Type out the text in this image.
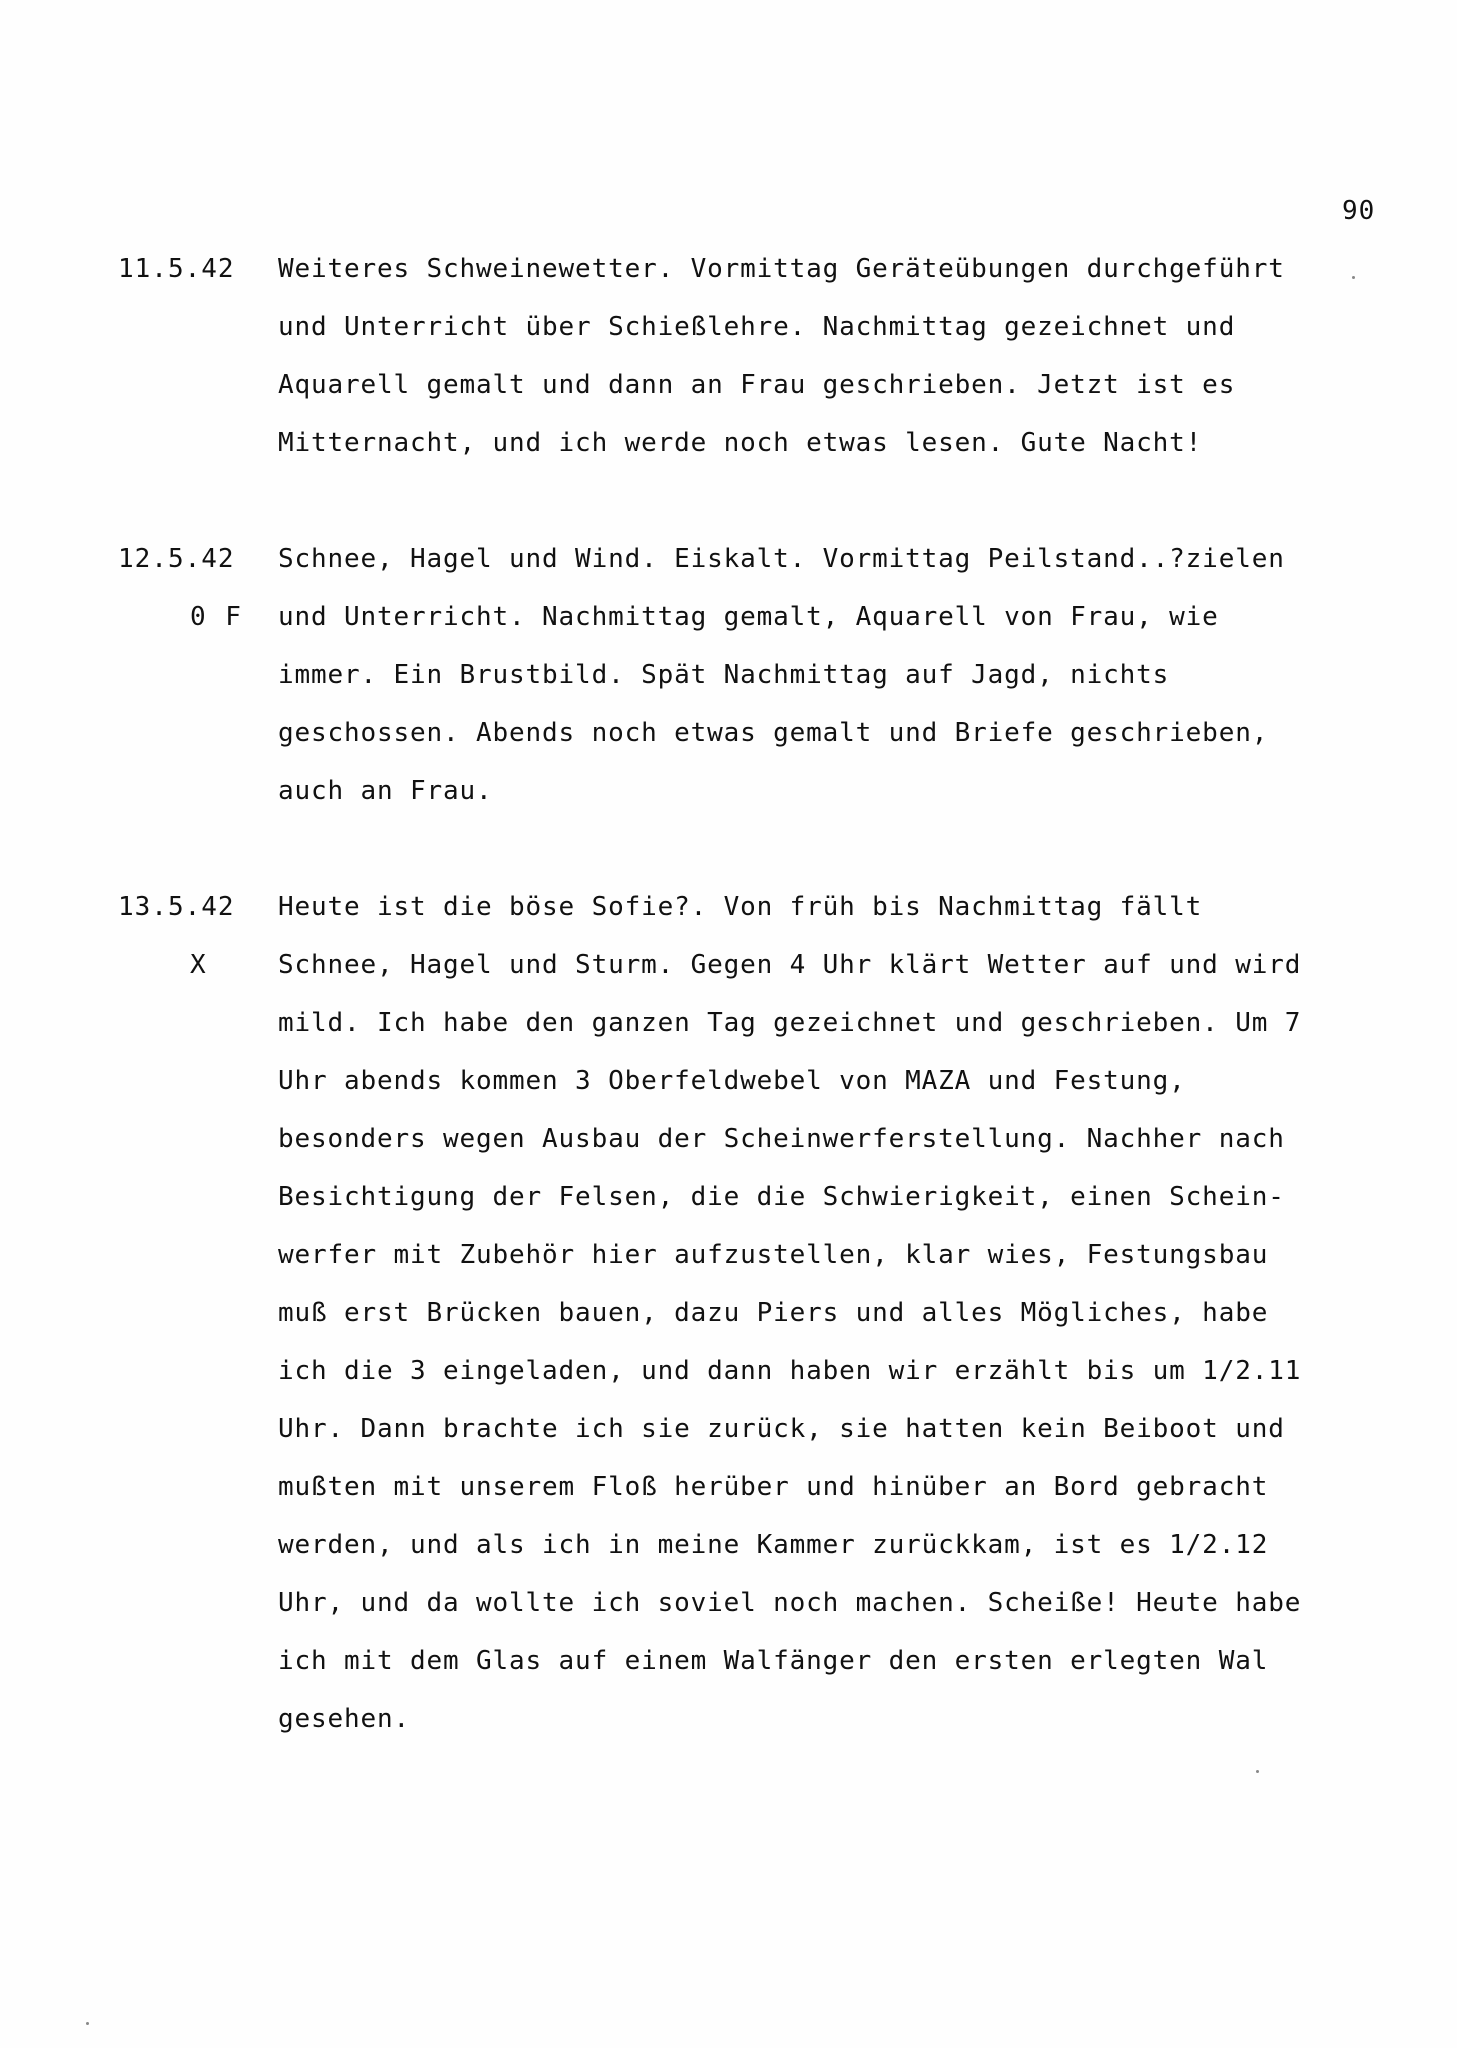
90
11.5.42 Weiteres Schweinewetter. Vormittag Geräteübungen durchgeführt
und Unterricht über Schießlehre. Nachmittag gezeichnet und
Aquarell gemalt und dann an Frau geschrieben. Jetzt ist es
Mitternacht, und ich werde noch etwas lesen. Gute Nacht!
12.5.42
0 F
Schnee, Hagel und Wind. Eiskalt. Vormittag Peilstand..?zielen
und Unterricht. Nachmittag gemalt, Aquarell von Frau, wie
immer. Ein Brustbild. Spät Nachmittag auf Jagd, nichts
geschossen. Abends noch etwas gemalt und Briefe geschrieben,
auch an Frau.
13.5.42
X
Heute ist die böse Sofie?. Von früh bis Nachmittag fällt
Schnee, Hagel und Sturm. Gegen 4 Uhr klärt Wetter auf und wird
mild. Ich habe den ganzen Tag gezeichnet und geschrieben. Um 7
Uhr abends kommen 3 Oberfeldwebel von MAZA und Festung,
besonders wegen Ausbau der Scheinwerferstellung. Nachher nach
Besichtigung der Felsen, die die Schwierigkeit, einen Schein-
werfer mit Zubehör hier aufzustellen, klar wies, Festungsbau
muß erst Brücken bauen, dazu Piers und alles Mögliches, habe
ich die 3 eingeladen, und dann haben wir erzählt bis um 1/2.11
Uhr. Dann brachte ich sie zurück, sie hatten kein Beiboot und
mußten mit unserem Floß herüber und hinüber an Bord gebracht
werden, und als ich in meine Kammer zurückkam, ist es 1/2.12
Uhr, und da wollte ich soviel noch machen. Scheiße! Heute habe
ich mit dem Glas auf einem Walfänger den ersten erlegten Wal
gesehen.
